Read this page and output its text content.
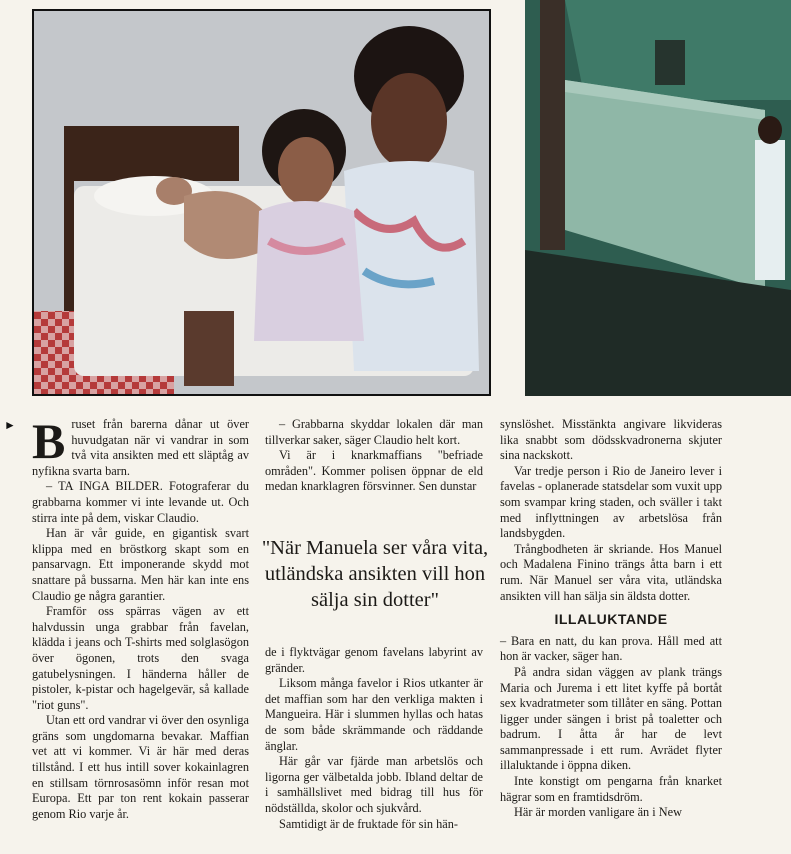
► Bruset från barerna dånar ut över huvudgatan när vi vandrar in som två vita ansikten med ett släptåg av nyfikna svarta barn.

– TA INGA BILDER. Fotograferar du grabbarna kommer vi inte levande ut. Och stirra inte på dem, viskar Claudio.

Han är vår guide, en gigantisk svart klippa med en bröstkorg skapt som en pansarvagn. Ett imponerande skydd mot snattare på bussarna. Men här kan inte ens Claudio ge några garantier.

Framför oss spärras vägen av ett halvdussin unga grabbar från favelan, klädda i jeans och T-shirts med solglasögon över ögonen, trots den svaga gatubelysningen. I händerna håller de pistoler, k-pistar och hagelgevär, så kallade "riot guns".

Utan ett ord vandrar vi över den osynliga gräns som ungdomarna bevakar. Maffian vet att vi kommer. Vi är här med deras tillstånd. I ett hus intill sover kokainlagren en stillsam törnrosasömn inför resan mot Europa. Ett par ton rent kokain passerar genom Rio varje år.

– Grabbarna skyddar lokalen där man tillverkar saker, säger Claudio helt kort.

Vi är i knarkmaffians "befriade områden". Kommer polisen öppnar de eld medan knarklagren försvinner. Sen dunstar

"När Manuela ser våra vita, utländska ansikten vill hon sälja sin dotter"

de i flyktvägar genom favelans labyrint av gränder.

Liksom många favelor i Rios utkanter är det maffian som har den verkliga makten i Mangueira. Här i slummen hyllas och hatas de som både skrämmande och räddande änglar.

Här går var fjärde man arbetslös och ligorna ger välbetalda jobb. Ibland deltar de i samhällslivet med bidrag till hus för nödställda, skolor och sjukvård.

Samtidigt är de fruktade för sin hän-

synslöshet. Misstänkta angivare likvideras lika snabbt som dödsskvadronerna skjuter sina nackskott.

Var tredje person i Rio de Janeiro lever i favelas - oplanerade statsdelar som vuxit upp som svampar kring staden, och sväller i takt med inflyttningen av arbetslösa från landsbygden.

Trångbodheten är skriande. Hos Manuel och Madalena Finino trängs åtta barn i ett rum. När Manuel ser våra vita, utländska ansikten vill han sälja sin äldsta dotter.

ILLALUKTANDE

– Bara en natt, du kan prova. Håll med att hon är vacker, säger han.

På andra sidan väggen av plank trängs Maria och Jurema i ett litet kyffe på bortåt sex kvadratmeter som tillåter en säng. Pottan ligger under sängen i brist på toaletter och badrum. I åtta år har de levt sammanpressade i ett rum. Avrädet flyter illaluktande i öppna diken.

Inte konstigt om pengarna från knarket hägrar som en framtidsdröm.

Här är morden vanligare än i New
